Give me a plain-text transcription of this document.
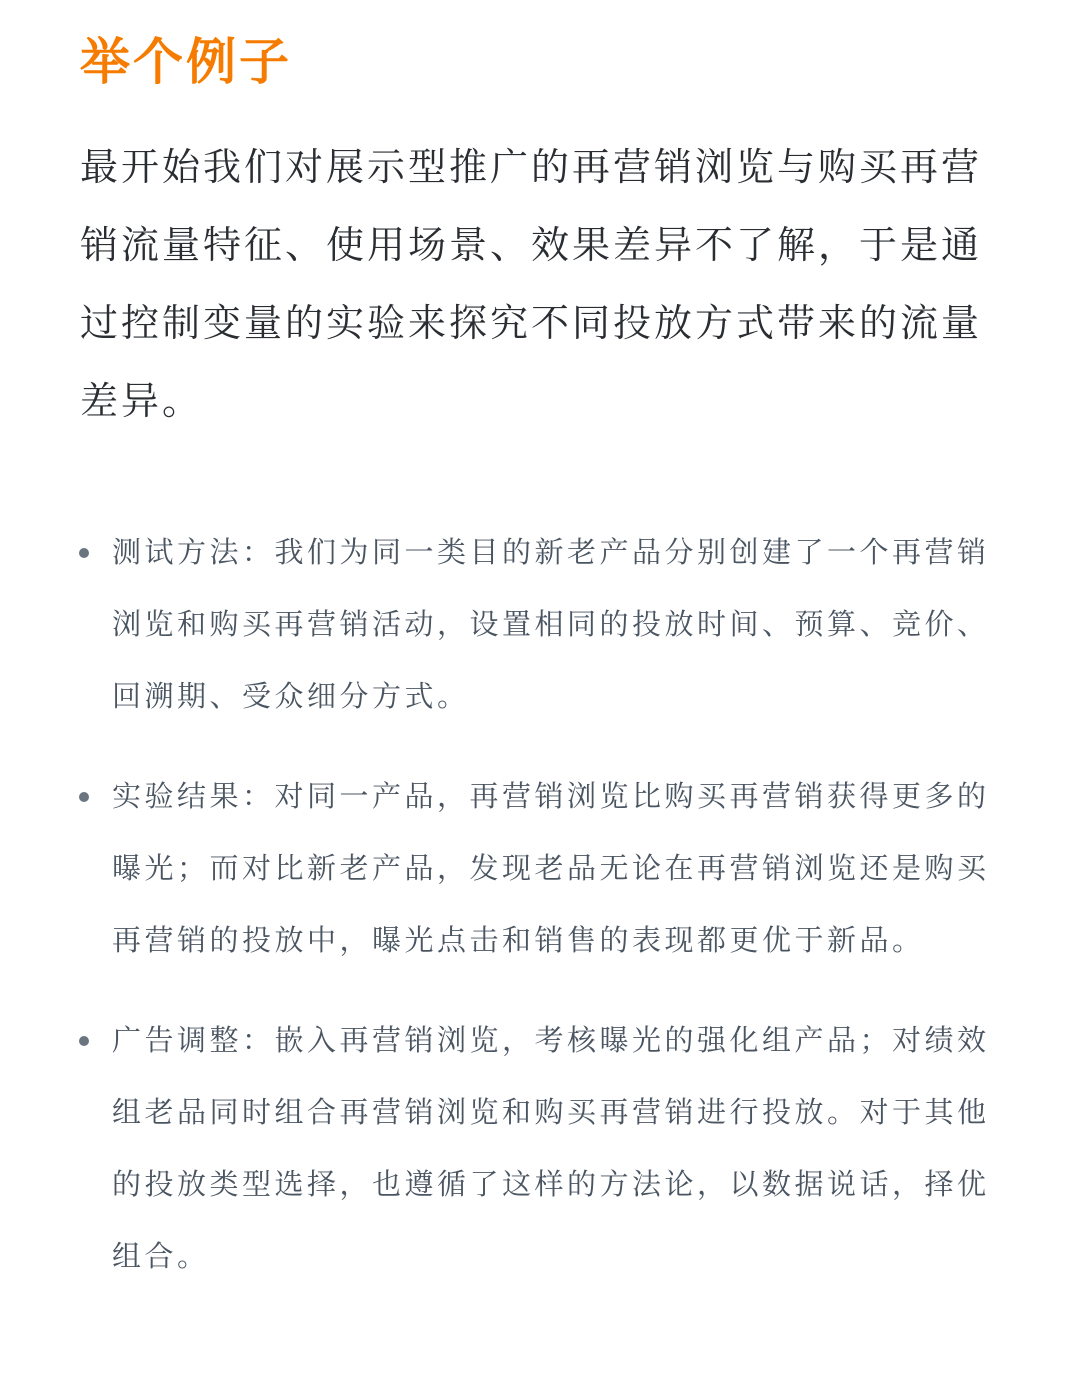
举个例子

最开始我们对展示型推广的再营销浏览与购买再营销流量特征、使用场景、效果差异不了解，于是通过控制变量的实验来探究不同投放方式带来的流量差异。

测试方法：我们为同一类目的新老产品分别创建了一个再营销浏览和购买再营销活动，设置相同的投放时间、预算、竞价、回溯期、受众细分方式。
实验结果：对同一产品，再营销浏览比购买再营销获得更多的曝光；而对比新老产品，发现老品无论在再营销浏览还是购买再营销的投放中，曝光点击和销售的表现都更优于新品。
广告调整：嵌入再营销浏览，考核曝光的强化组产品；对绩效组老品同时组合再营销浏览和购买再营销进行投放。对于其他的投放类型选择，也遵循了这样的方法论，以数据说话，择优组合。
